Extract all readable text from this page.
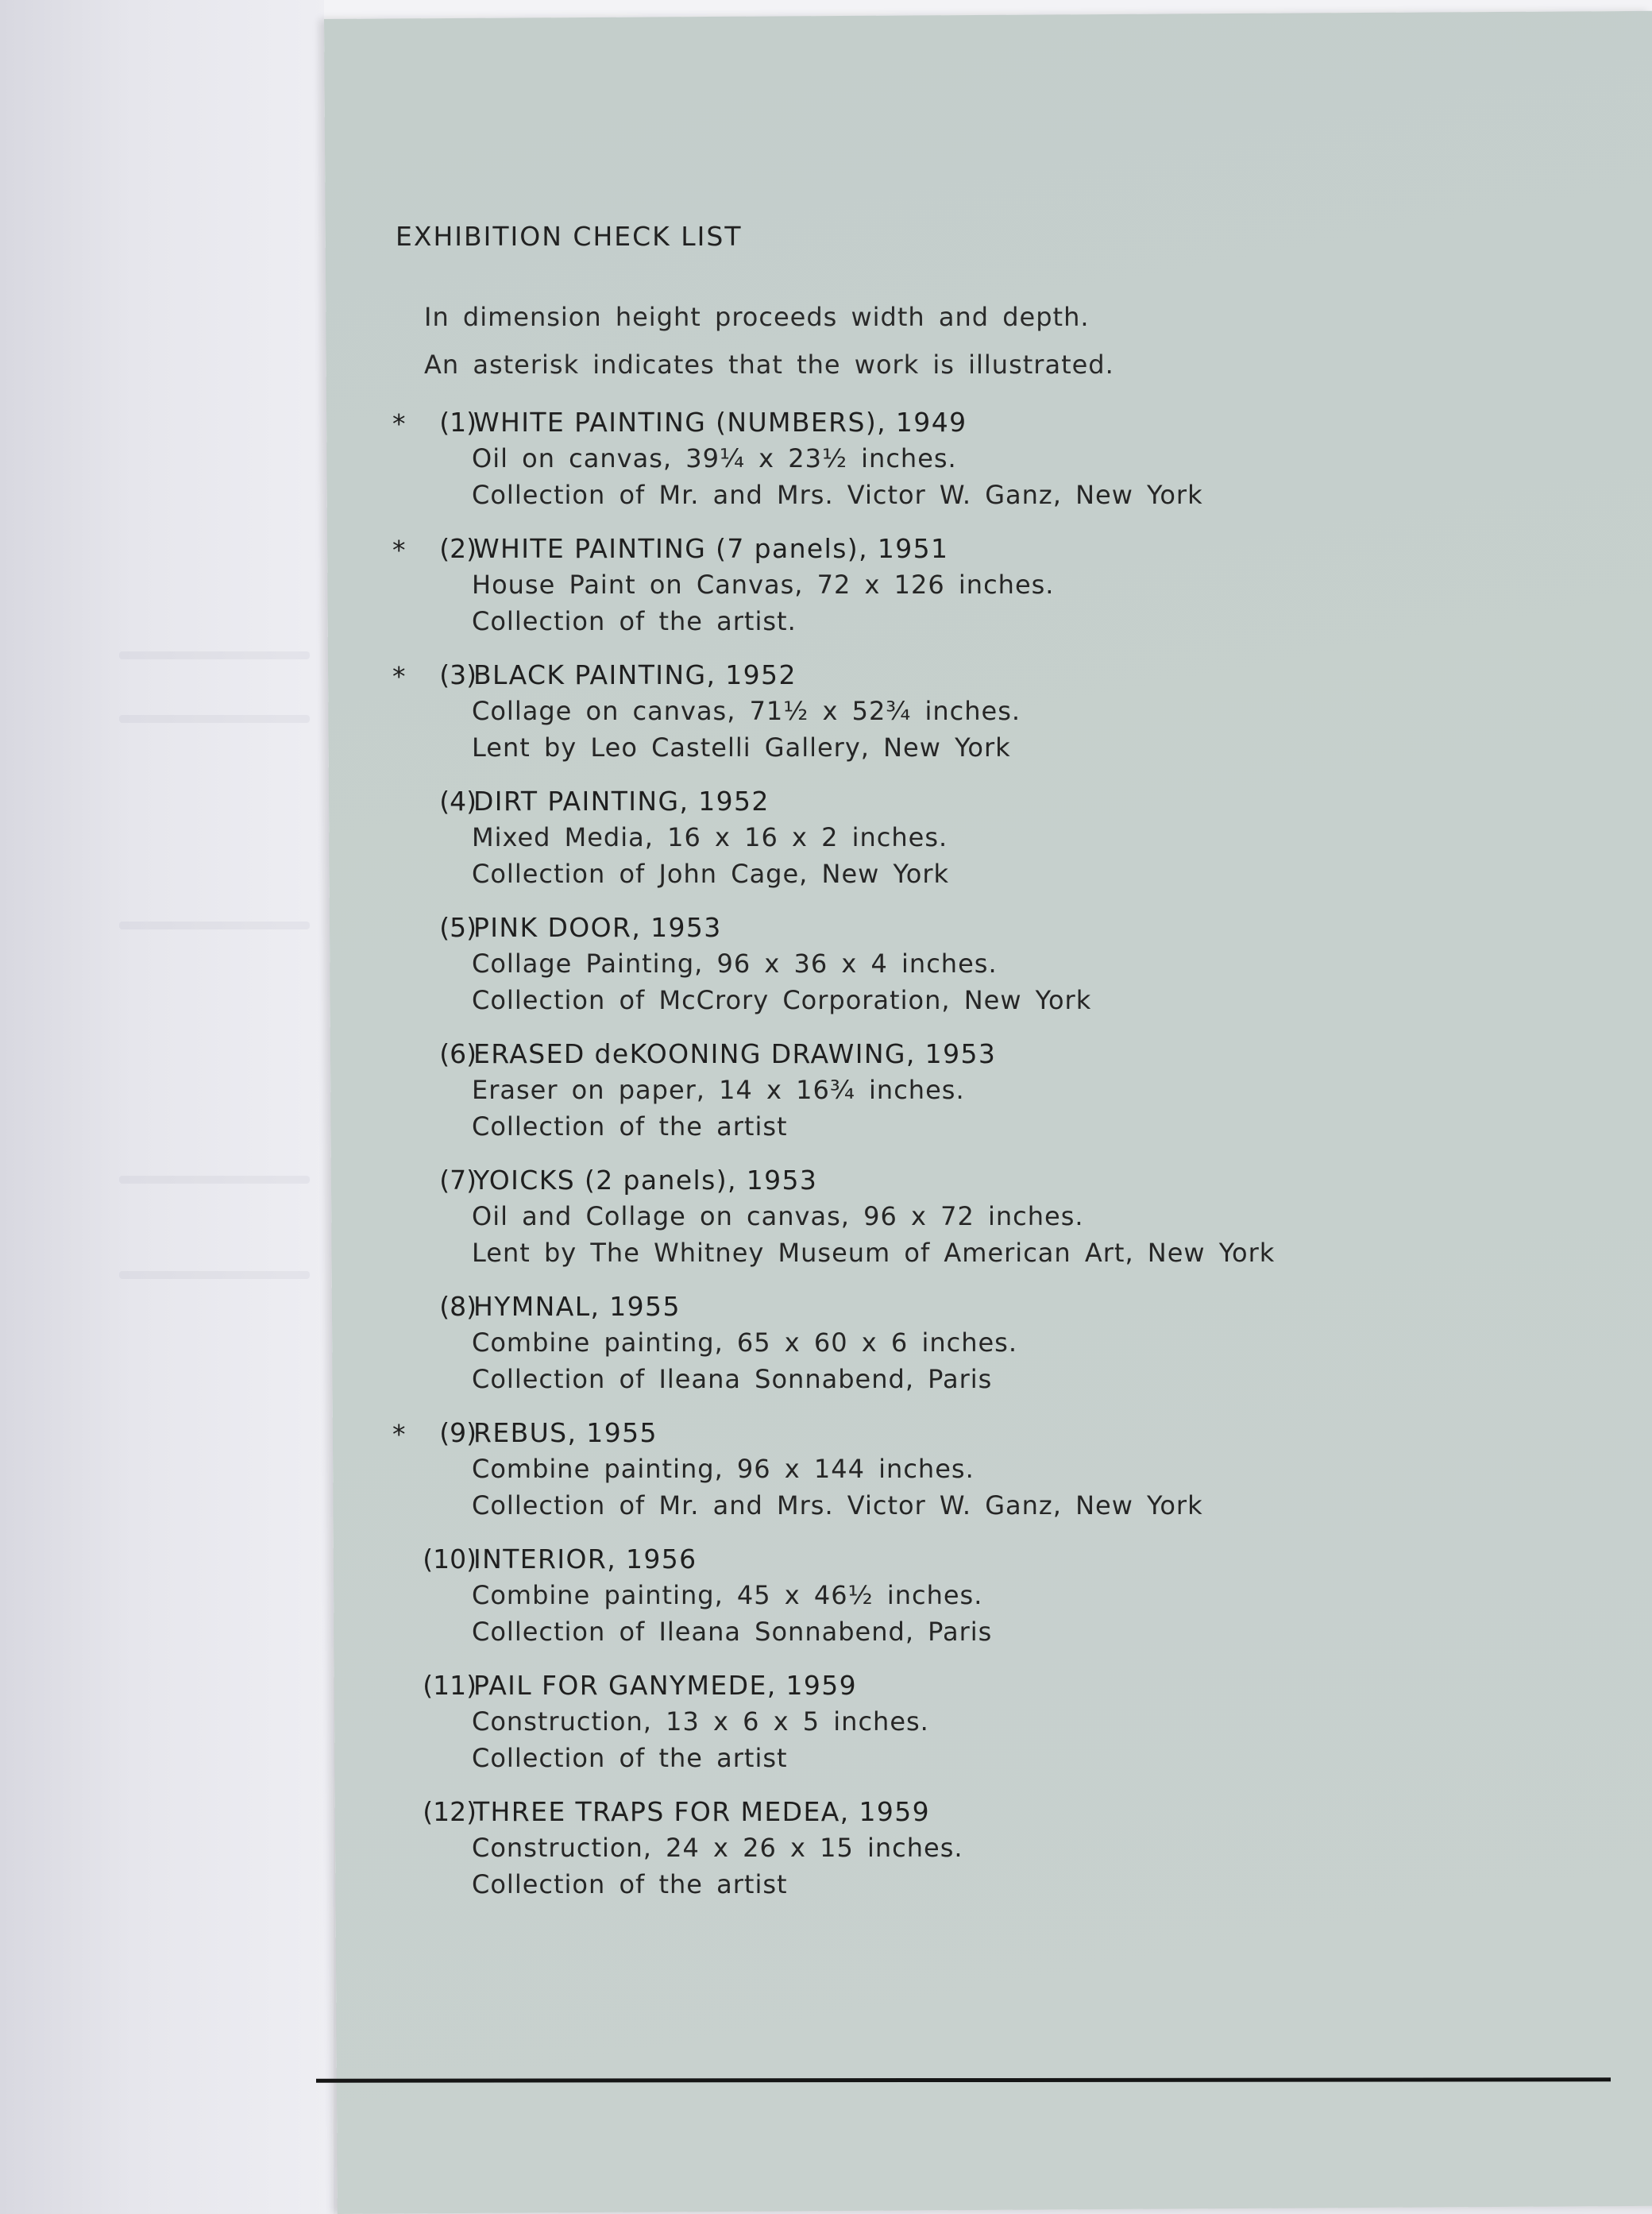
EXHIBITION CHECK LIST

In dimension height proceeds width and depth.

An asterisk indicates that the work is illustrated.

*	(1)
WHITE PAINTING (NUMBERS), 1949
Oil on canvas, 39¼ x 23½ inches.
Collection of Mr. and Mrs. Victor W. Ganz, New York
*	(2)
WHITE PAINTING (7 panels), 1951
House Paint on Canvas, 72 x 126 inches.
Collection of the artist.
*	(3)
BLACK PAINTING, 1952
Collage on canvas, 71½ x 52¾ inches.
Lent by Leo Castelli Gallery, New York
(4)
DIRT PAINTING, 1952
Mixed Media, 16 x 16 x 2 inches.
Collection of John Cage, New York
(5)
PINK DOOR, 1953
Collage Painting, 96 x 36 x 4 inches.
Collection of McCrory Corporation, New York
(6)
ERASED deKOONING DRAWING, 1953
Eraser on paper, 14 x 16¾ inches.
Collection of the artist
(7)
YOICKS (2 panels), 1953
Oil and Collage on canvas, 96 x 72 inches.
Lent by The Whitney Museum of American Art, New York
(8)
HYMNAL, 1955
Combine painting, 65 x 60 x 6 inches.
Collection of Ileana Sonnabend, Paris
*	(9)
REBUS, 1955
Combine painting, 96 x 144 inches.
Collection of Mr. and Mrs. Victor W. Ganz, New York
(10)
INTERIOR, 1956
Combine painting, 45 x 46½ inches.
Collection of Ileana Sonnabend, Paris
(11)
PAIL FOR GANYMEDE, 1959
Construction, 13 x 6 x 5 inches.
Collection of the artist
(12)
THREE TRAPS FOR MEDEA, 1959
Construction, 24 x 26 x 15 inches.
Collection of the artist
